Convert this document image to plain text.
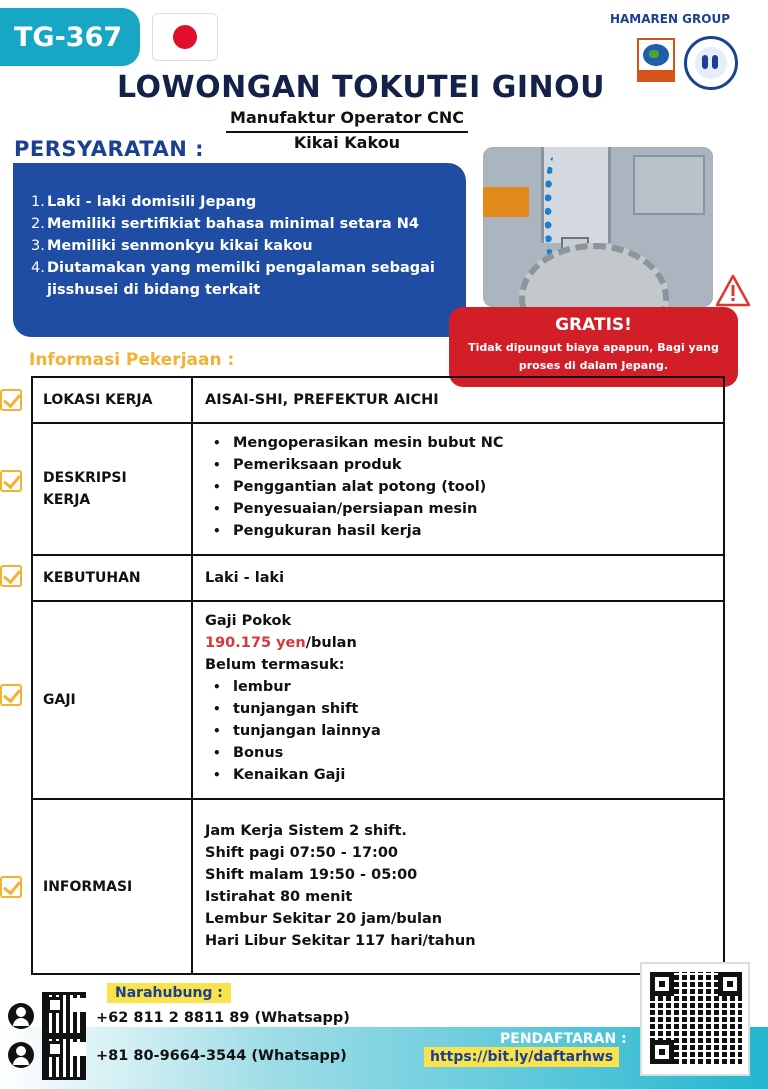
TG-367
HAMAREN GROUP
LOWONGAN TOKUTEI GINOU
Manufaktur Operator CNC
Kikai Kakou
PERSYARATAN :
1. Laki - laki domisili Jepang
2. Memiliki sertifikiat bahasa minimal setara N4
3. Memiliki senmonkyu kikai kakou
4. Diutamakan yang memilki pengalaman sebagai jisshusei di bidang terkait
GRATIS!
Tidak dipungut biaya apapun, Bagi yang proses di dalam Jepang.
Informasi Pekerjaan :
LOKASI KERJA	AISAI-SHI, PREFEKTUR AICHI
DESKRIPSI KERJA
• Mengoperasikan mesin bubut NC
• Pemeriksaan produk
• Penggantian alat potong (tool)
• Penyesuaian/persiapan mesin
• Pengukuran hasil kerja
KEBUTUHAN	Laki - laki
GAJI
Gaji Pokok
190.175 yen/bulan
Belum termasuk:
• lembur
• tunjangan shift
• tunjangan lainnya
• Bonus
• Kenaikan Gaji
INFORMASI
Jam Kerja Sistem 2 shift.
Shift pagi 07:50 - 17:00
Shift malam 19:50 - 05:00
Istirahat 80 menit
Lembur Sekitar 20 jam/bulan
Hari Libur Sekitar 117 hari/tahun
Narahubung :
+62 811 2 8811 89 (Whatsapp)
+81 80-9664-3544 (Whatsapp)
PENDAFTARAN :
https://bit.ly/daftarhws
